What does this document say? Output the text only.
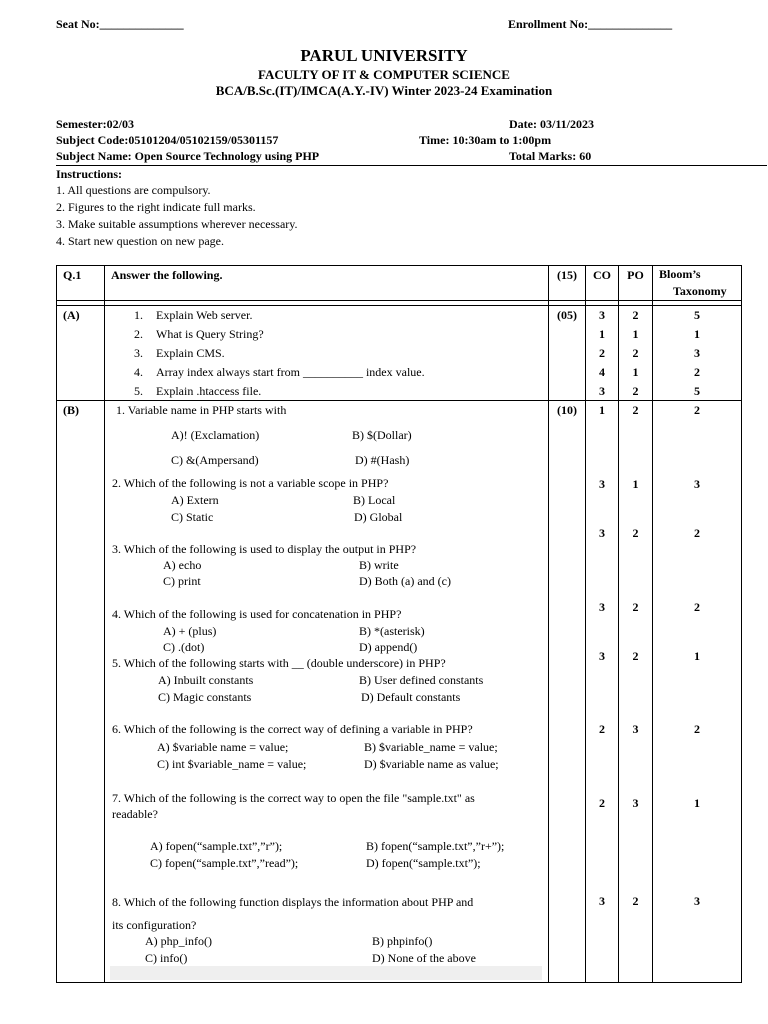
Seat No:______________	Enrollment No:______________
PARUL UNIVERSITY
FACULTY OF IT & COMPUTER SCIENCE
BCA/B.Sc.(IT)/IMCA(A.Y.-IV) Winter 2023-24 Examination
Semester:02/03	Date: 03/11/2023
Subject Code:05101204/05102159/05301157	Time: 10:30am to 1:00pm
Subject Name: Open Source Technology using PHP	Total Marks: 60
Instructions:
1. All questions are compulsory.
2. Figures to the right indicate full marks.
3. Make suitable assumptions wherever necessary.
4. Start new question on new page.
Q.1 Answer the following.	(15)	CO	PO	Bloom’s
Taxonomy
(A)	(05)
1. Explain Web server.	3	2	5
2. What is Query String?	1	1	1
3. Explain CMS.	2	2	3
4. Array index always start from __________ index value.	4	1	2
5. Explain .htaccess file.	3	2	5
(B)	(10)
1. Variable name in PHP starts with
A)! (Exclamation)	B) $(Dollar)
C) &(Ampersand)	D) #(Hash)
1	2	2
2. Which of the following is not a variable scope in PHP?
A) Extern	B) Local
C) Static	D) Global
3	1	3
3. Which of the following is used to display the output in PHP?
A) echo	B) write
C) print	D) Both (a) and (c)
3	2	2
4. Which of the following is used for concatenation in PHP?
A) + (plus)	B) *(asterisk)
C) .(dot)	D) append()
3	2	2
5. Which of the following starts with __ (double underscore) in PHP?
A) Inbuilt constants	B) User defined constants
C) Magic constants	D) Default constants
3	2	1
6. Which of the following is the correct way of defining a variable in PHP?
A) $variable name = value;	B) $variable_name = value;
C) int $variable_name = value;	D) $variable name as value;
2	3	2
7. Which of the following is the correct way to open the file "sample.txt" as
readable?
A) fopen(“sample.txt”,”r”);	B) fopen(“sample.txt”,”r+”);
C) fopen(“sample.txt”,”read”);	D) fopen(“sample.txt”);
2	3	1
8. Which of the following function displays the information about PHP and
its configuration?
A) php_info()	B) phpinfo()
C) info()	D) None of the above
3	2	3
